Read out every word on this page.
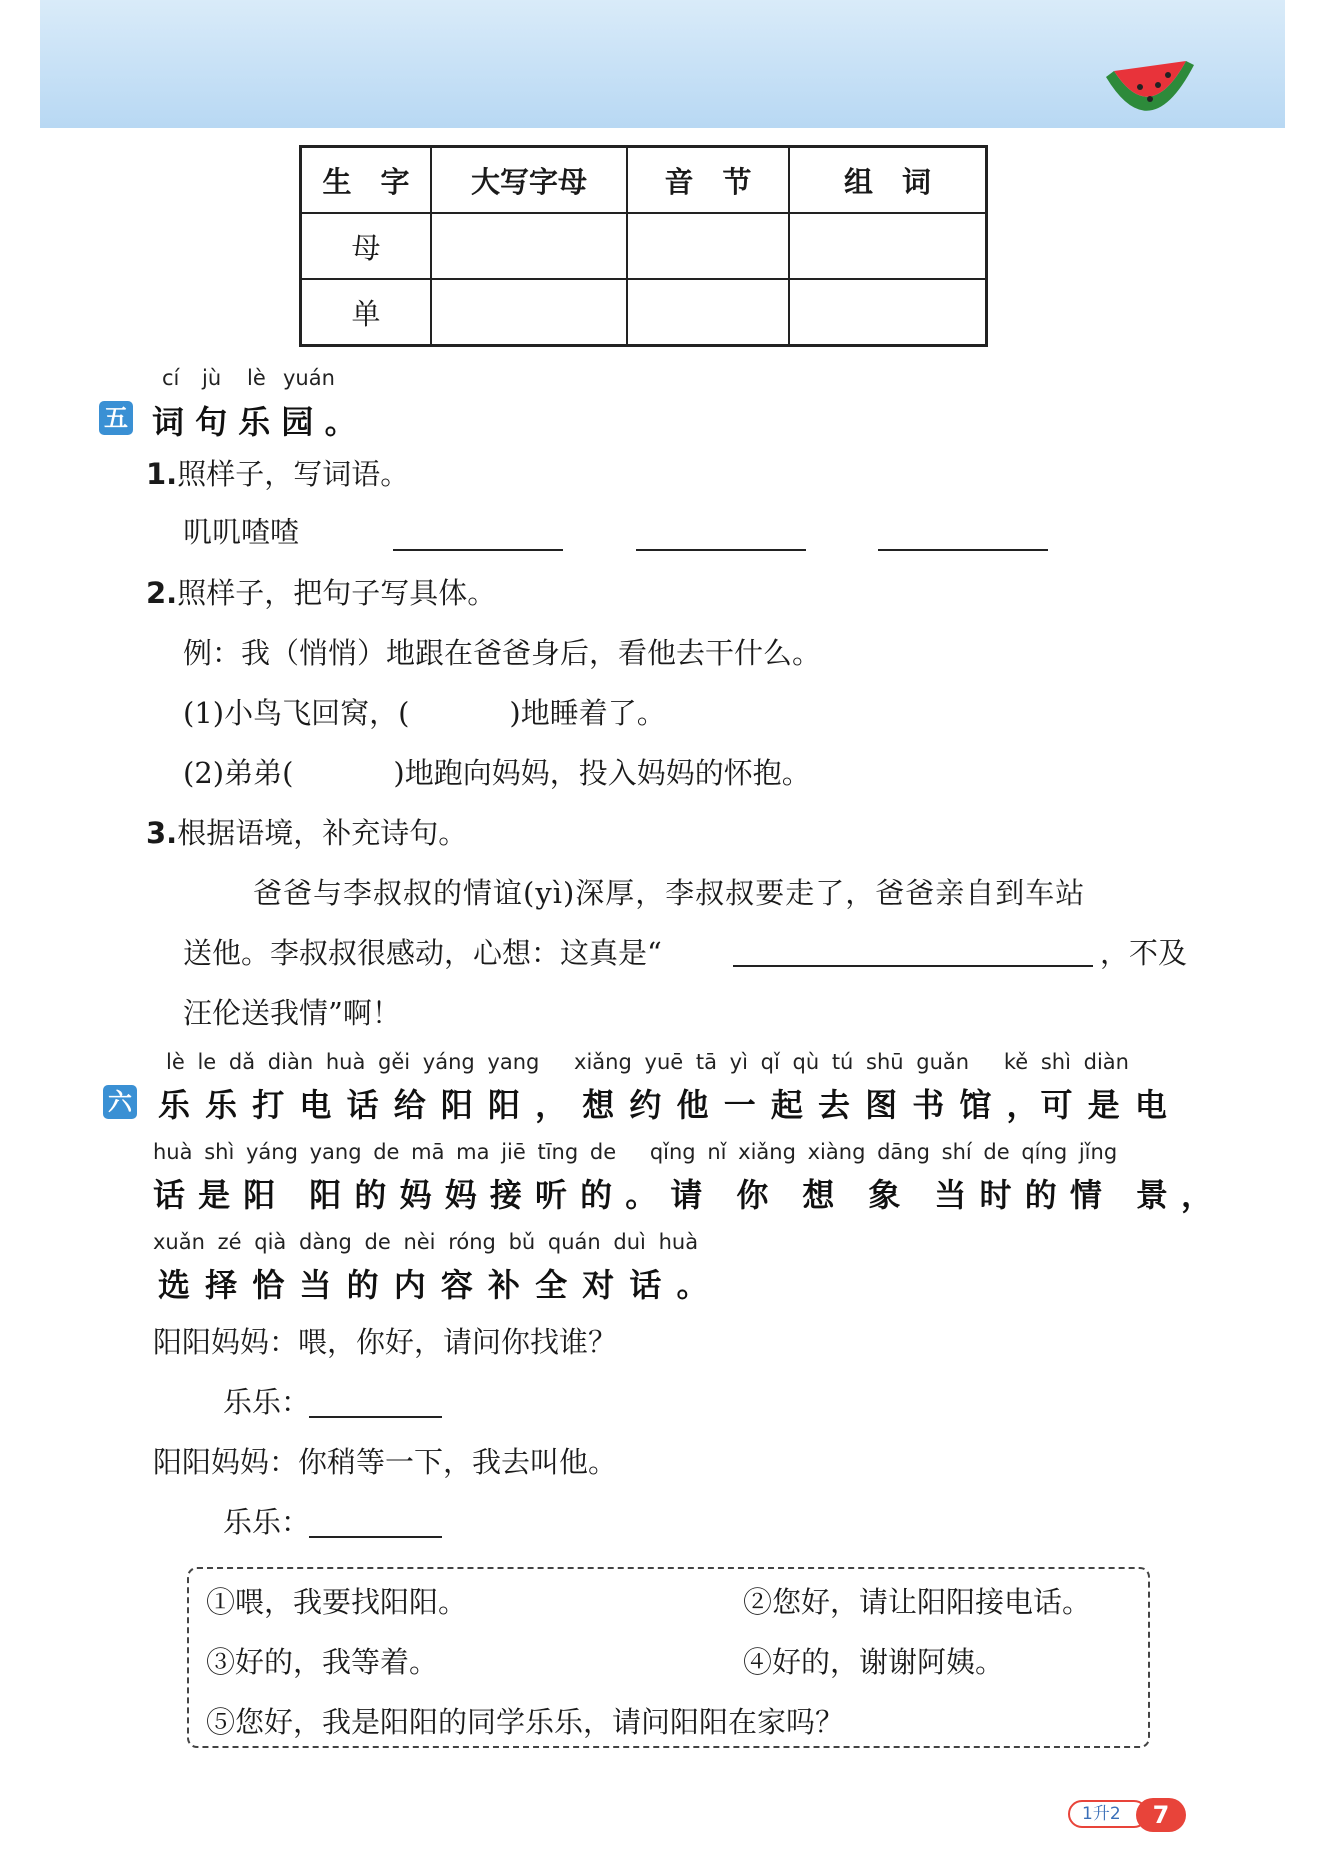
生　字	大写字母	音　节	组　词
母			
单			
cí jù lè yuán
五 词 句 乐 园 。
1.照样子，写词语。
叽叽喳喳
2.照样子，把句子写具体。
例：我（悄悄）地跟在爸爸身后，看他去干什么。
(1)小鸟飞回窝，(	)地睡着了。
(2)弟弟(	)地跑向妈妈，投入妈妈的怀抱。
3.根据语境，补充诗句。
爸爸与李叔叔的情谊(yì)深厚，李叔叔要走了，爸爸亲自到车站
送他。李叔叔很感动，心想：这真是“	，不及
汪伦送我情”啊！
lè le dǎ diàn huà gěi yáng yang xiǎng yuē tā yì qǐ qù tú shū guǎn kě shì diàn
六 乐 乐 打 电 话 给 阳 阳 ， 想 约 他 一 起 去 图 书 馆 ，可 是 电
huà shì yáng yang de mā ma jiē tīng de qǐng nǐ xiǎng xiàng dāng shí de qíng jǐng
话 是 阳　阳 的 妈 妈 接 听 的 。 请　你　想　象　当 时 的 情　景 ，
xuǎn zé qià dàng de nèi róng bǔ quán duì huà
选 择 恰 当 的 内 容 补 全 对 话 。
阳阳妈妈：喂，你好，请问你找谁？
乐乐：
阳阳妈妈：你稍等一下，我去叫他。
乐乐：
①喂，我要找阳阳。	②您好，请让阳阳接电话。
③好的，我等着。	④好的，谢谢阿姨。
⑤您好，我是阳阳的同学乐乐，请问阳阳在家吗？
1升2	7
